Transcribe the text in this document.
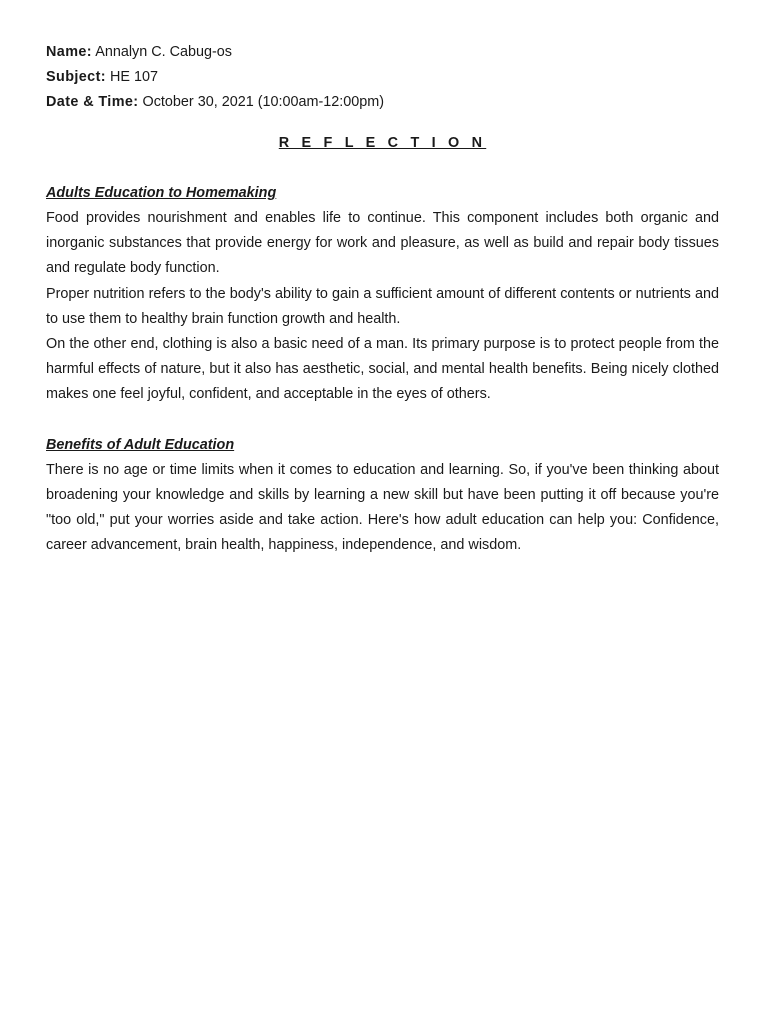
Name: Annalyn C. Cabug-os
Subject: HE 107
Date & Time: October 30, 2021 (10:00am-12:00pm)
R E F L E C T I O N
Adults Education to Homemaking

Food provides nourishment and enables life to continue. This component includes both organic and inorganic substances that provide energy for work and pleasure, as well as build and repair body tissues and regulate body function.

Proper nutrition refers to the body's ability to gain a sufficient amount of different contents or nutrients and to use them to healthy brain function growth and health.

On the other end, clothing is also a basic need of a man. Its primary purpose is to protect people from the harmful effects of nature, but it also has aesthetic, social, and mental health benefits. Being nicely clothed makes one feel joyful, confident, and acceptable in the eyes of others.

Benefits of Adult Education

There is no age or time limits when it comes to education and learning. So, if you've been thinking about broadening your knowledge and skills by learning a new skill but have been putting it off because you're "too old," put your worries aside and take action. Here's how adult education can help you: Confidence, career advancement, brain health, happiness, independence, and wisdom.
